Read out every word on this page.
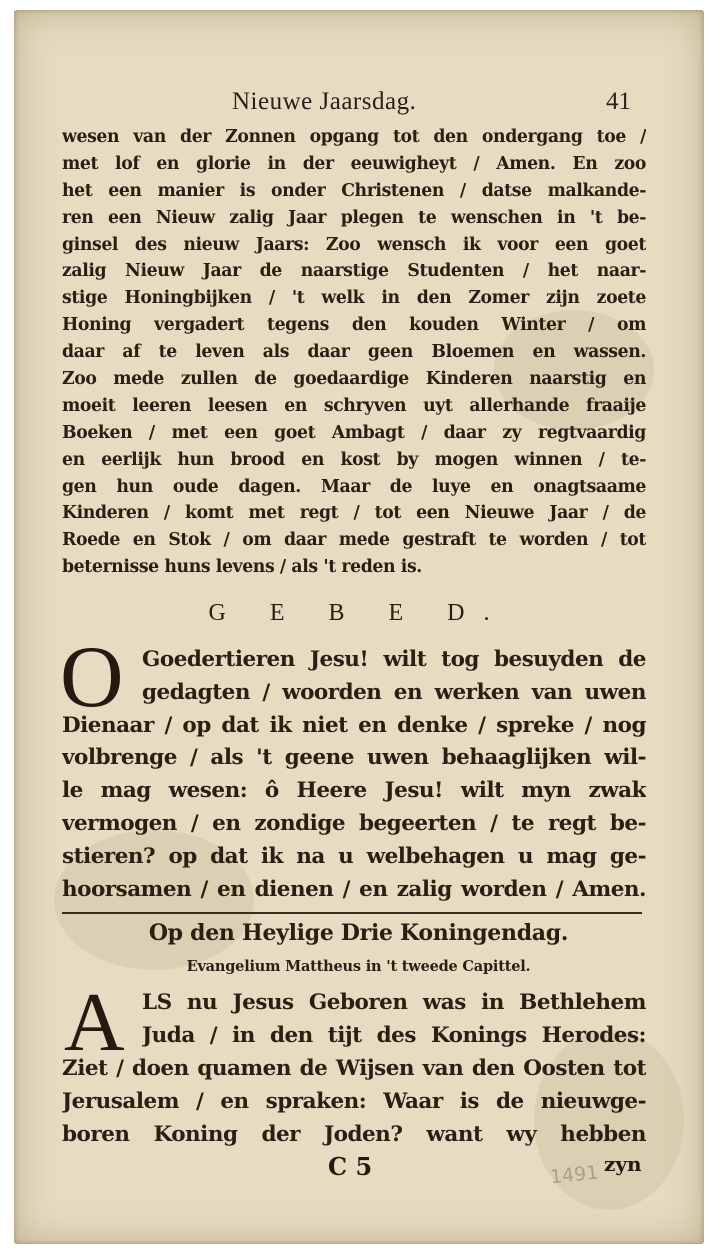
Nieuwe Jaarsdag.	41
wesen van der Zonnen opgang tot den ondergang toe /
met lof en glorie in der eeuwigheyt / Amen. En zoo
het een manier is onder Christenen / datse malkande-
ren een Nieuw zalig Jaar plegen te wenschen in 't be-
ginsel des nieuw Jaars: Zoo wensch ik voor een goet
zalig Nieuw Jaar de naarstige Studenten / het naar-
stige Honingbijken / 't welk in den Zomer zijn zoete
Honing vergadert tegens den kouden Winter / om
daar af te leven als daar geen Bloemen en wassen.
Zoo mede zullen de goedaardige Kinderen naarstig en
moeit leeren leesen en schryven uyt allerhande fraaije
Boeken / met een goet Ambagt / daar zy regtvaardig
en eerlijk hun brood en kost by mogen winnen / te-
gen hun oude dagen. Maar de luye en onagtsaame
Kinderen / komt met regt / tot een Nieuwe Jaar / de
Roede en Stok / om daar mede gestraft te worden / tot
beternisse huns levens / als 't reden is.
G E B E D.
O Goedertieren Jesu! wilt tog besuyden de
gedagten / woorden en werken van uwen
Dienaar / op dat ik niet en denke / spreke / nog
volbrenge / als 't geene uwen behaaglijken wil-
le mag wesen: ô Heere Jesu! wilt myn zwak
vermogen / en zondige begeerten / te regt be-
stieren? op dat ik na u welbehagen u mag ge-
hoorsamen / en dienen / en zalig worden / Amen.
Op den Heylige Drie Koningendag.
Evangelium Mattheus in 't tweede Capittel.
A LS nu Jesus Geboren was in Bethlehem
Juda / in den tijt des Konings Herodes:
Ziet / doen quamen de Wijsen van den Oosten tot
Jerusalem / en spraken: Waar is de nieuwge-
boren Koning der Joden? want wy hebben
C 5	1491 zyn
